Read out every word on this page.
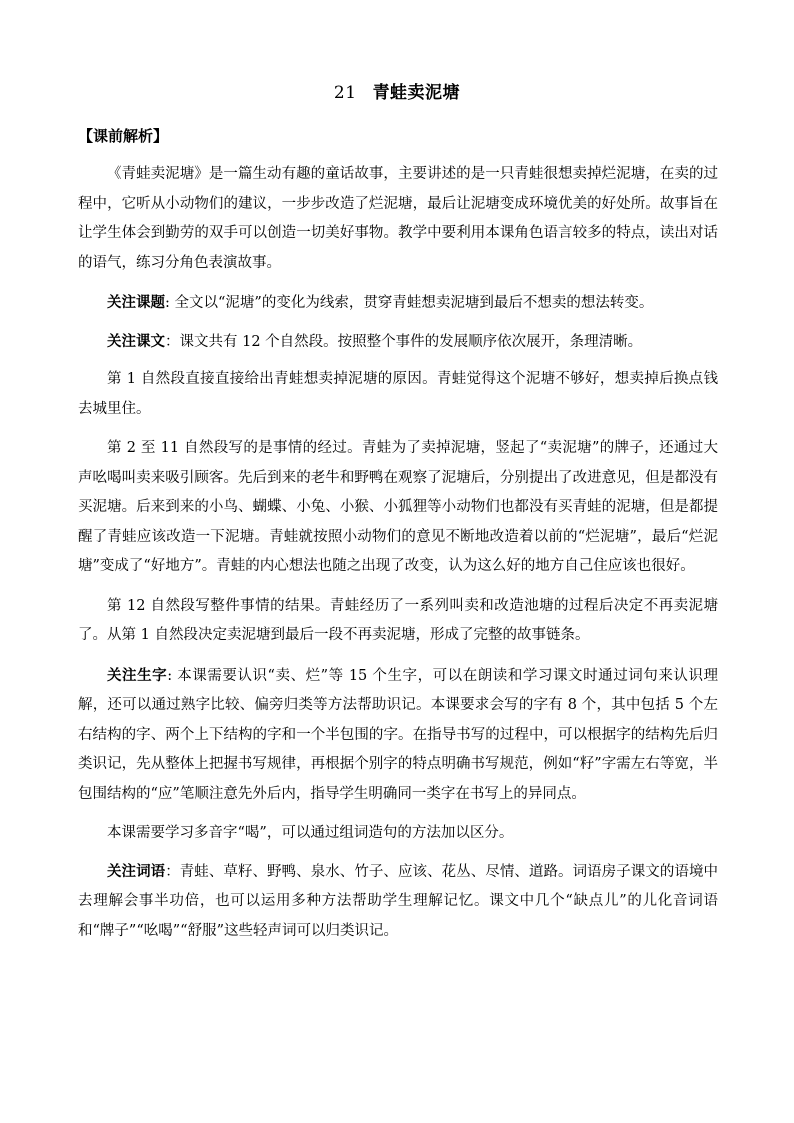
21 青蛙卖泥塘
【课前解析】

《青蛙卖泥塘》是一篇生动有趣的童话故事，主要讲述的是一只青蛙很想卖掉烂泥塘，在卖的过程中，它听从小动物们的建议，一步步改造了烂泥塘，最后让泥塘变成环境优美的好处所。故事旨在让学生体会到勤劳的双手可以创造一切美好事物。教学中要利用本课角色语言较多的特点，读出对话的语气，练习分角色表演故事。

关注课题: 全文以“泥塘”的变化为线索，贯穿青蛙想卖泥塘到最后不想卖的想法转变。

关注课文：课文共有 12 个自然段。按照整个事件的发展顺序依次展开，条理清晰。

第 1 自然段直接直接给出青蛙想卖掉泥塘的原因。青蛙觉得这个泥塘不够好，想卖掉后换点钱去城里住。

第 2 至 11 自然段写的是事情的经过。青蛙为了卖掉泥塘，竖起了“卖泥塘”的牌子，还通过大声吆喝叫卖来吸引顾客。先后到来的老牛和野鸭在观察了泥塘后，分别提出了改进意见，但是都没有买泥塘。后来到来的小鸟、蝴蝶、小兔、小猴、小狐狸等小动物们也都没有买青蛙的泥塘，但是都提醒了青蛙应该改造一下泥塘。青蛙就按照小动物们的意见不断地改造着以前的“烂泥塘”，最后“烂泥塘”变成了“好地方”。青蛙的内心想法也随之出现了改变，认为这么好的地方自己住应该也很好。

第 12 自然段写整件事情的结果。青蛙经历了一系列叫卖和改造池塘的过程后决定不再卖泥塘了。从第 1 自然段决定卖泥塘到最后一段不再卖泥塘，形成了完整的故事链条。

关注生字: 本课需要认识“卖、烂”等 15 个生字，可以在朗读和学习课文时通过词句来认识理解，还可以通过熟字比较、偏旁归类等方法帮助识记。本课要求会写的字有 8 个，其中包括 5 个左右结构的字、两个上下结构的字和一个半包围的字。在指导书写的过程中，可以根据字的结构先后归类识记，先从整体上把握书写规律，再根据个别字的特点明确书写规范，例如“籽”字需左右等宽，半包围结构的“应”笔顺注意先外后内，指导学生明确同一类字在书写上的异同点。

本课需要学习多音字“喝”，可以通过组词造句的方法加以区分。

关注词语：青蛙、草籽、野鸭、泉水、竹子、应该、花丛、尽情、道路。词语房子课文的语境中去理解会事半功倍，也可以运用多种方法帮助学生理解记忆。课文中几个“缺点儿”的儿化音词语和“牌子”“吆喝”“舒服”这些轻声词可以归类识记。
